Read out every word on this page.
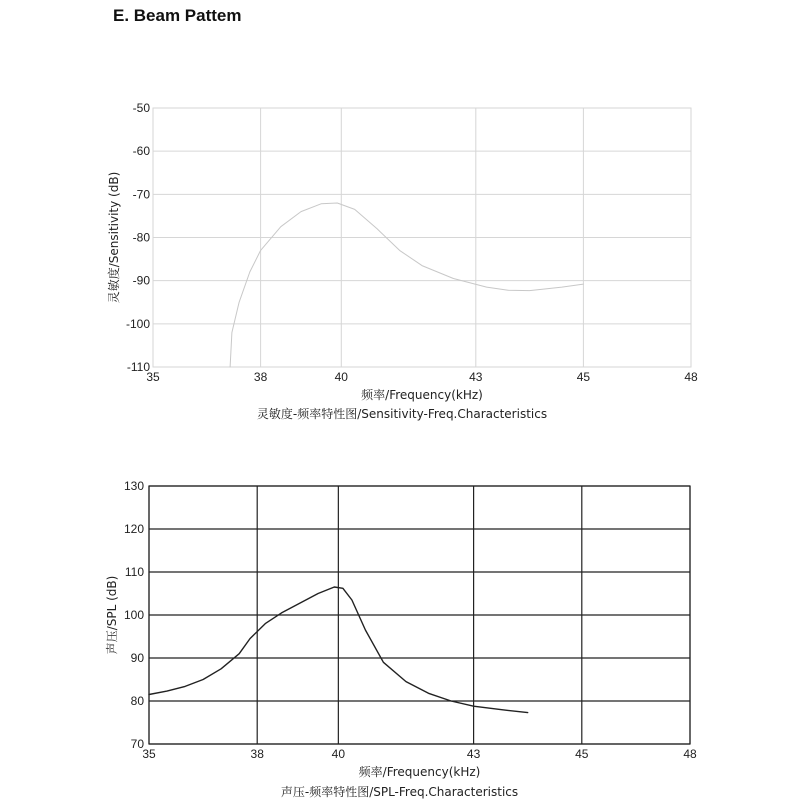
E. Beam Pattem
35	38	40	43	45	48
-50
-60
-70
-80
-90
-100
-110
频率/Frequency(kHz)
灵敏度/Sensitivity (dB)
灵敏度-频率特性图/Sensitivity-Freq.Characteristics
35	38	40	43	45	48
130
120
110
100
90
80
70
频率/Frequency(kHz)
声压/SPL (dB)
声压-频率特性图/SPL-Freq.Characteristics
